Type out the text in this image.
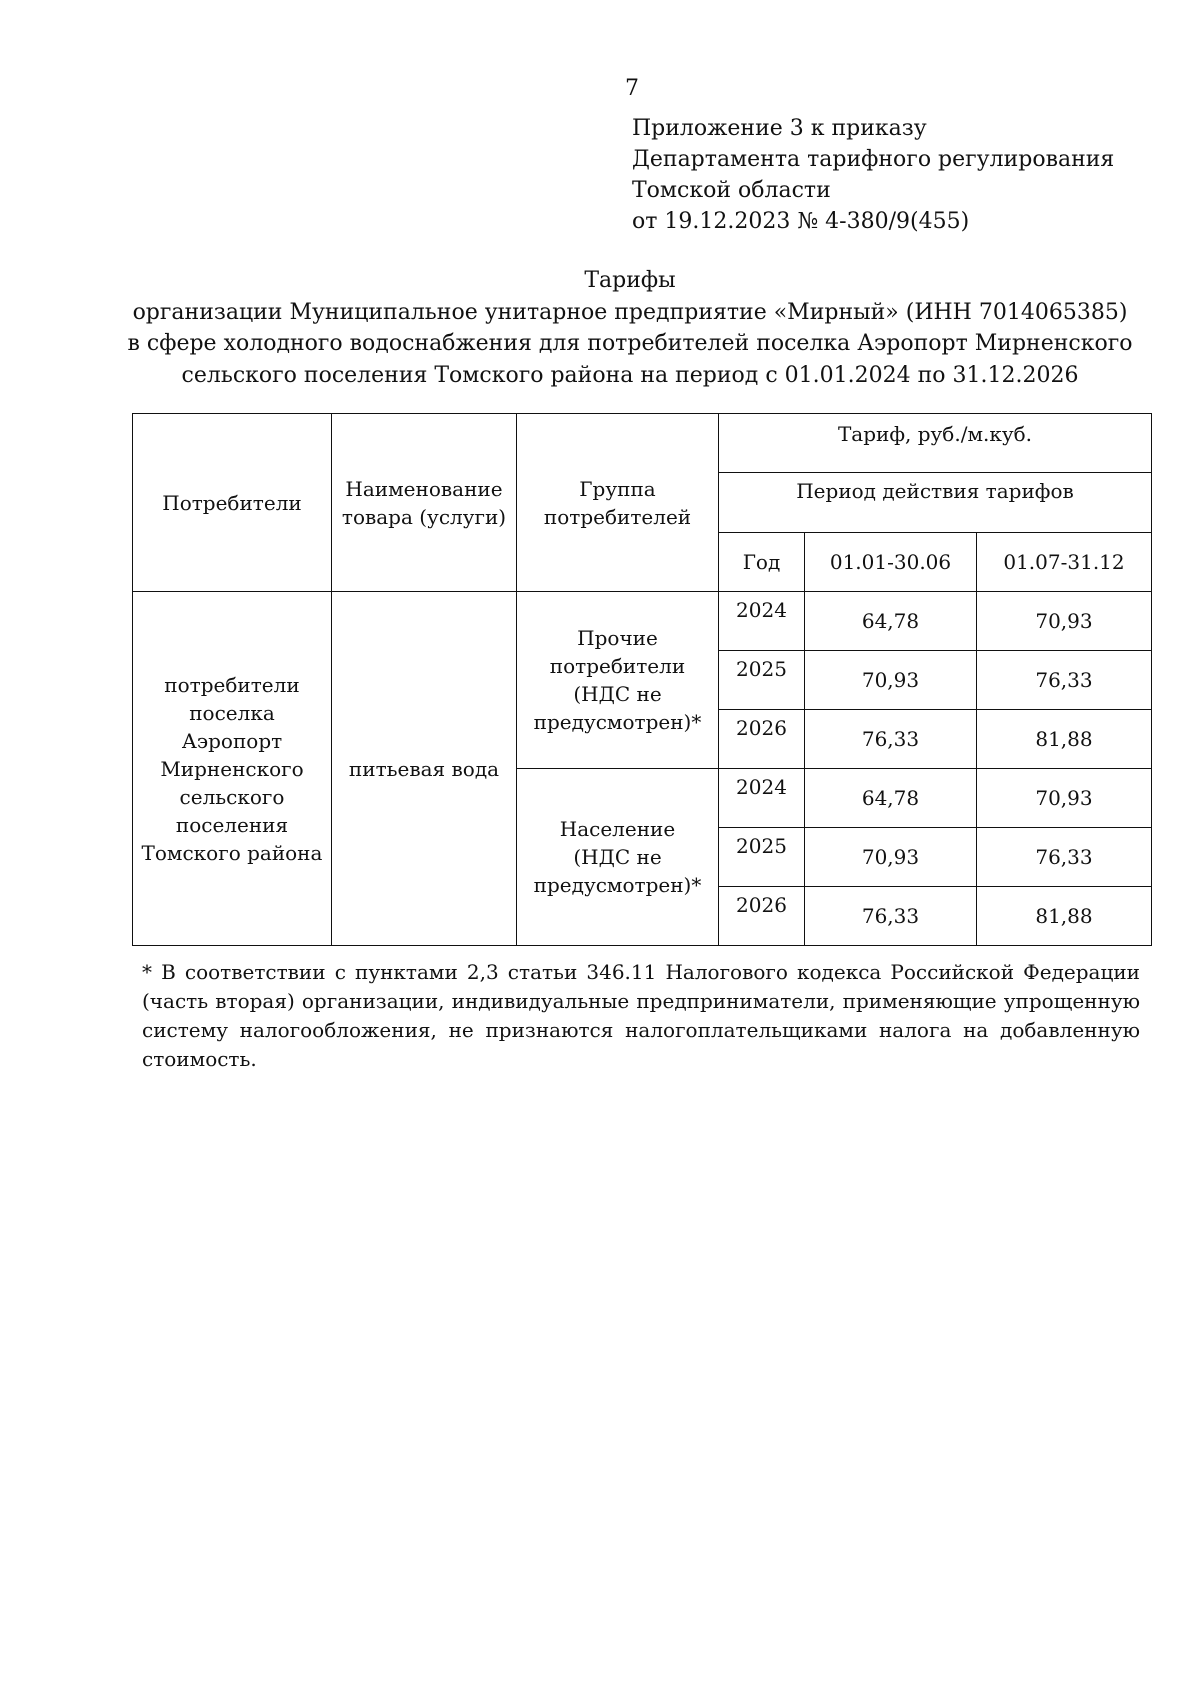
7
Приложение 3 к приказу
Департамента тарифного регулирования
Томской области
от 19.12.2023 № 4-380/9(455)
Тарифы
организации Муниципальное унитарное предприятие «Мирный» (ИНН 7014065385)
в сфере холодного водоснабжения для потребителей поселка Аэропорт Мирненского
сельского поселения Томского района на период с 01.01.2024 по 31.12.2026
Потребители	Наименование товара (услуги)	Группа потребителей	Тариф, руб./м.куб.		
			Период действия тарифов		
			Год	01.01-30.06	01.07-31.12
потребители поселка Аэропорт Мирненского сельского поселения Томского района	питьевая вода	Прочие потребители (НДС не предусмотрен)*	2024	64,78	70,93
			2025	70,93	76,33
			2026	76,33	81,88
		Население (НДС не предусмотрен)*	2024	64,78	70,93
			2025	70,93	76,33
			2026	76,33	81,88
* В соответствии с пунктами 2,3 статьи 346.11 Налогового кодекса Российской Федерации (часть вторая) организации, индивидуальные предприниматели, применяющие упрощенную систему налогообложения, не признаются налогоплательщиками налога на добавленную стоимость.
